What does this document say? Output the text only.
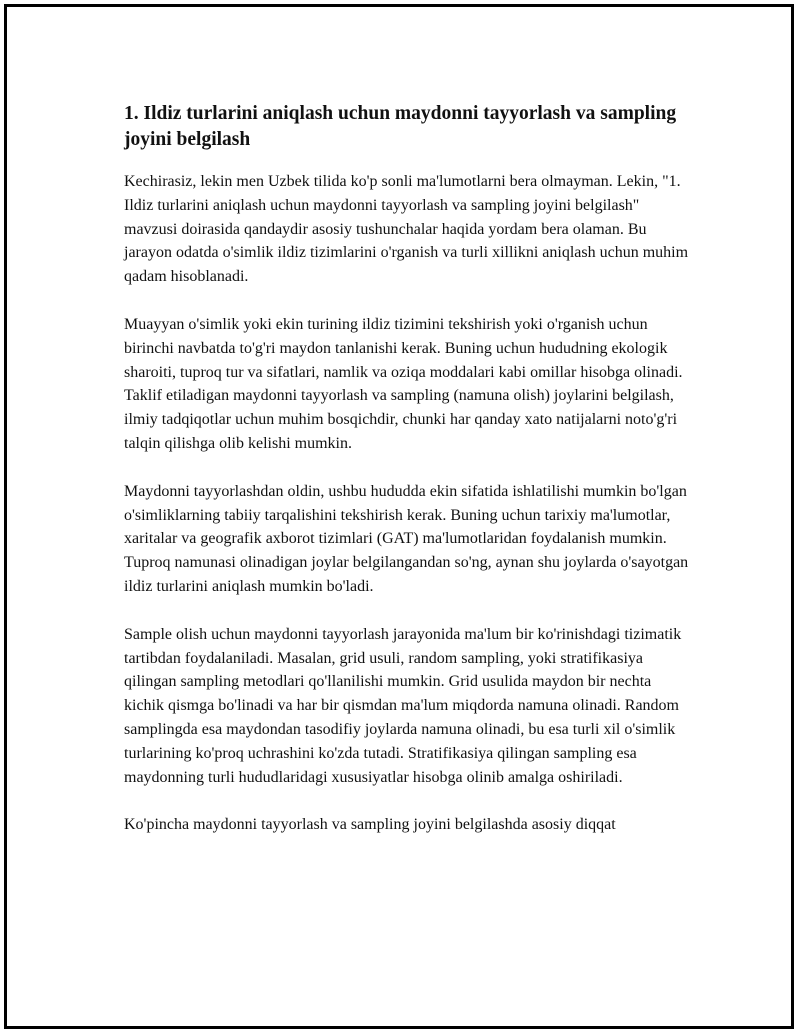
1. Ildiz turlarini aniqlash uchun maydonni tayyorlash va sampling joyini belgilash

Kechirasiz, lekin men Uzbek tilida ko'p sonli ma'lumotlarni bera olmayman. Lekin, "1. Ildiz turlarini aniqlash uchun maydonni tayyorlash va sampling joyini belgilash" mavzusi doirasida qandaydir asosiy tushunchalar haqida yordam bera olaman. Bu jarayon odatda o'simlik ildiz tizimlarini o'rganish va turli xillikni aniqlash uchun muhim qadam hisoblanadi.

Muayyan o'simlik yoki ekin turining ildiz tizimini tekshirish yoki o'rganish uchun birinchi navbatda to'g'ri maydon tanlanishi kerak. Buning uchun hududning ekologik sharoiti, tuproq tur va sifatlari, namlik va oziqa moddalari kabi omillar hisobga olinadi. Taklif etiladigan maydonni tayyorlash va sampling (namuna olish) joylarini belgilash, ilmiy tadqiqotlar uchun muhim bosqichdir, chunki har qanday xato natijalarni noto'g'ri talqin qilishga olib kelishi mumkin.

Maydonni tayyorlashdan oldin, ushbu hududda ekin sifatida ishlatilishi mumkin bo'lgan o'simliklarning tabiiy tarqalishini tekshirish kerak. Buning uchun tarixiy ma'lumotlar, xaritalar va geografik axborot tizimlari (GAT) ma'lumotlaridan foydalanish mumkin. Tuproq namunasi olinadigan joylar belgilangandan so'ng, aynan shu joylarda o'sayotgan ildiz turlarini aniqlash mumkin bo'ladi.

Sample olish uchun maydonni tayyorlash jarayonida ma'lum bir ko'rinishdagi tizimatik tartibdan foydalaniladi. Masalan, grid usuli, random sampling, yoki stratifikasiya qilingan sampling metodlari qo'llanilishi mumkin. Grid usulida maydon bir nechta kichik qismga bo'linadi va har bir qismdan ma'lum miqdorda namuna olinadi. Random samplingda esa maydondan tasodifiy joylarda namuna olinadi, bu esa turli xil o'simlik turlarining ko'proq uchrashini ko'zda tutadi. Stratifikasiya qilingan sampling esa maydonning turli hududlaridagi xususiyatlar hisobga olinib amalga oshiriladi.

Ko'pincha maydonni tayyorlash va sampling joyini belgilashda asosiy diqqat
